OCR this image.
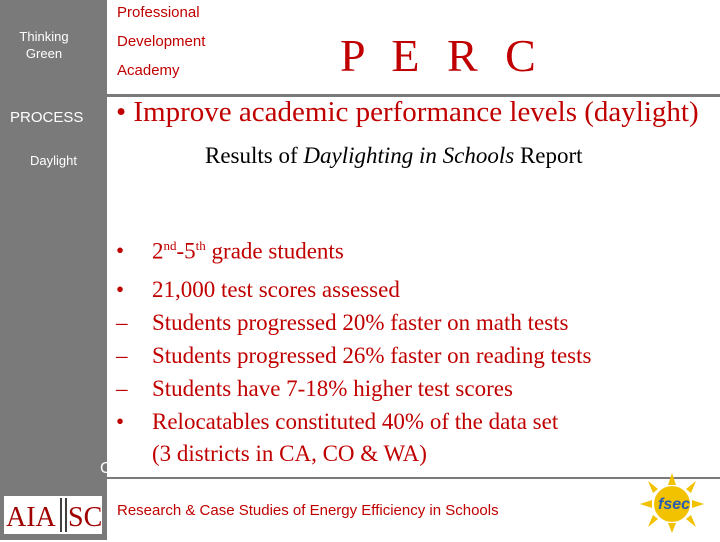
Thinking
Green
PROCESS
Daylight
Professional
Development
Academy	P E R C
• Improve academic performance levels (daylight)
Results of Daylighting in Schools Report
•	2nd-5th grade students
•	21,000 test scores assessed
–	Students progressed 20% faster on math tests
–	Students progressed 26% faster on reading tests
–	Students have 7-18% higher test scores
•	Relocatables constituted 40% of the data set
(3 districts in CA, CO & WA)
C
AIA SC Research & Case Studies of Energy Efficiency in Schools	fsec
